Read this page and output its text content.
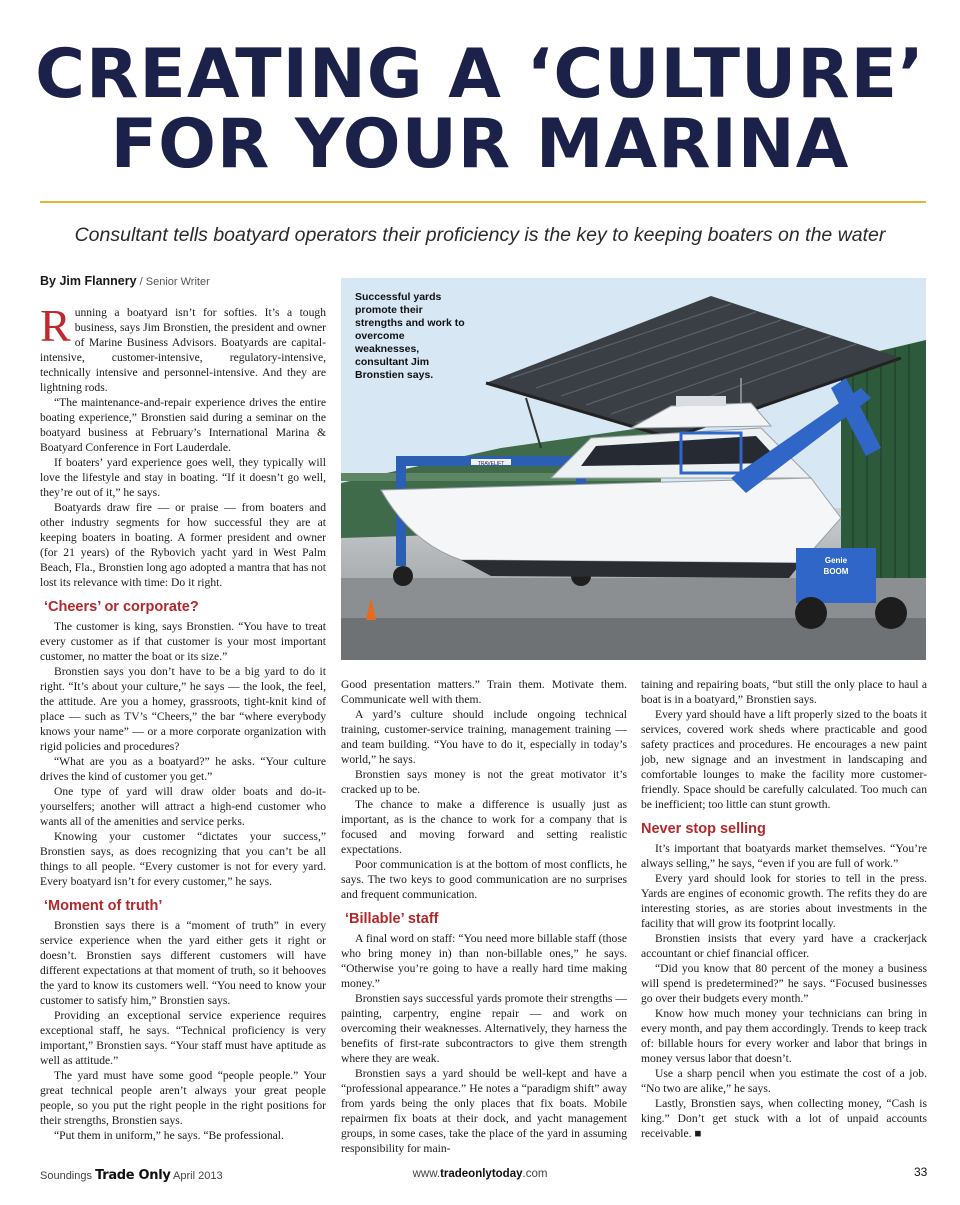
CREATING A ‘CULTURE’
FOR YOUR MARINA
Consultant tells boatyard operators their proficiency is the key to keeping boaters on the water
By Jim Flannery / Senior Writer
TRAVELIFT
Genie
BOOM
Successful yards promote their strengths and work to overcome weaknesses, consultant Jim Bronstien says.

Running a boatyard isn’t for softies. It’s a tough business, says Jim Bronstien, the president and owner of Marine Business Advisors. Boatyards are capital-intensive, customer-intensive, regulatory-intensive, technically intensive and personnel-intensive. And they are lightning rods.

“The maintenance-and-repair experience drives the entire boating experience,” Bronstien said during a seminar on the boatyard business at February’s International Marina & Boatyard Conference in Fort Lauderdale.

If boaters’ yard experience goes well, they typically will love the lifestyle and stay in boating. “If it doesn’t go well, they’re out of it,” he says.

Boatyards draw fire — or praise — from boaters and other industry segments for how successful they are at keeping boaters in boating. A former president and owner (for 21 years) of the Rybovich yacht yard in West Palm Beach, Fla., Bronstien long ago adopted a mantra that has not lost its relevance with time: Do it right.

‘Cheers’ or corporate?

The customer is king, says Bronstien. “You have to treat every customer as if that customer is your most important customer, no matter the boat or its size.”

Bronstien says you don’t have to be a big yard to do it right. “It’s about your culture,” he says — the look, the feel, the attitude. Are you a homey, grassroots, tight-knit kind of place — such as TV’s “Cheers,” the bar “where everybody knows your name” — or a more corporate organization with rigid policies and procedures?

“What are you as a boatyard?” he asks. “Your culture drives the kind of customer you get.”

One type of yard will draw older boats and do-it-yourselfers; another will attract a high-end customer who wants all of the amenities and service perks.

Knowing your customer “dictates your success,” Bronstien says, as does recognizing that you can’t be all things to all people. “Every customer is not for every yard. Every boatyard isn’t for every customer,” he says.

‘Moment of truth’

Bronstien says there is a “moment of truth” in every service experience when the yard either gets it right or doesn’t. Bronstien says different customers will have different expectations at that moment of truth, so it behooves the yard to know its customers well. “You need to know your customer to satisfy him,” Bronstien says.

Providing an exceptional service experience requires exceptional staff, he says. “Technical proficiency is very important,” Bronstien says. “Your staff must have aptitude as well as attitude.”

The yard must have some good “people people.” Your great technical people aren’t always your great people people, so you put the right people in the right positions for their strengths, Bronstien says.

“Put them in uniform,” he says. “Be professional.

Good presentation matters.” Train them. Motivate them. Communicate well with them.

A yard’s culture should include ongoing technical training, customer-service training, management training — and team building. “You have to do it, especially in today’s world,” he says.

Bronstien says money is not the great motivator it’s cracked up to be.

The chance to make a difference is usually just as important, as is the chance to work for a company that is focused and moving forward and setting realistic expectations.

Poor communication is at the bottom of most conflicts, he says. The two keys to good communication are no surprises and frequent communication.

‘Billable’ staff

A final word on staff: “You need more billable staff (those who bring money in) than non-billable ones,” he says. “Otherwise you’re going to have a really hard time making money.”

Bronstien says successful yards promote their strengths — painting, carpentry, engine repair — and work on overcoming their weaknesses. Alternatively, they harness the benefits of first-rate subcontractors to give them strength where they are weak.

Bronstien says a yard should be well-kept and have a “professional appearance.” He notes a “paradigm shift” away from yards being the only places that fix boats. Mobile repairmen fix boats at their dock, and yacht management groups, in some cases, take the place of the yard in assuming responsibility for main-

taining and repairing boats, “but still the only place to haul a boat is in a boatyard,” Bronstien says.

Every yard should have a lift properly sized to the boats it services, covered work sheds where practicable and good safety practices and procedures. He encourages a new paint job, new signage and an investment in landscaping and comfortable lounges to make the facility more customer-friendly. Space should be carefully calculated. Too much can be inefficient; too little can stunt growth.

Never stop selling

It’s important that boatyards market themselves. “You’re always selling,” he says, “even if you are full of work.”

Every yard should look for stories to tell in the press. Yards are engines of economic growth. The refits they do are interesting stories, as are stories about investments in the facility that will grow its footprint locally.

Bronstien insists that every yard have a crackerjack accountant or chief financial officer.

“Did you know that 80 percent of the money a business will spend is predetermined?” he says. “Focused businesses go over their budgets every month.”

Know how much money your technicians can bring in every month, and pay them accordingly. Trends to keep track of: billable hours for every worker and labor that brings in money versus labor that doesn’t.

Use a sharp pencil when you estimate the cost of a job. “No two are alike,” he says.

Lastly, Bronstien says, when collecting money, “Cash is king.” Don’t get stuck with a lot of unpaid accounts receivable. ■

Soundings Trade Only April 2013	www.tradeonlytoday.com	33
